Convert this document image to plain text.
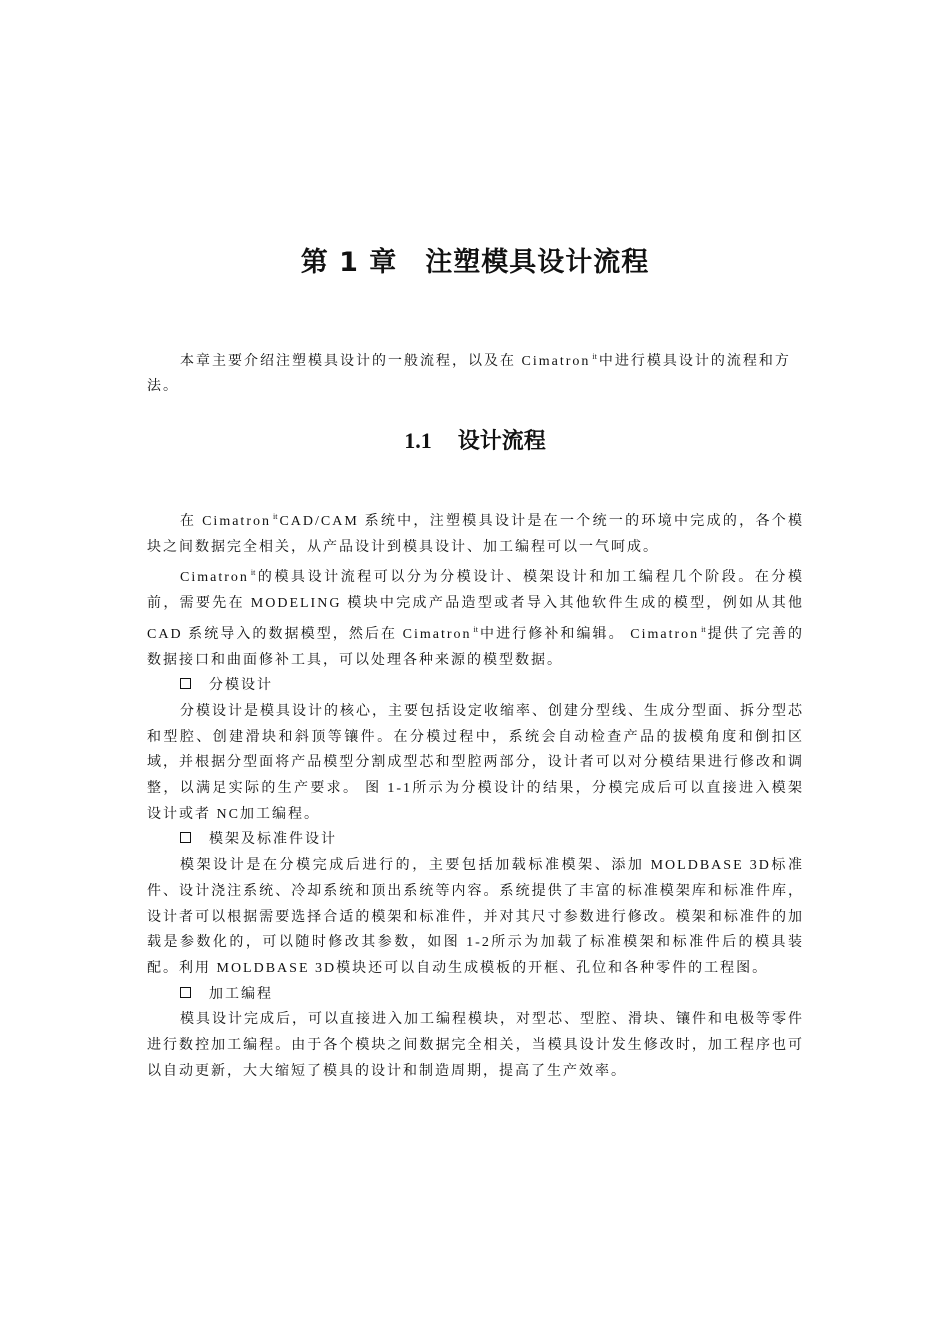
第 1 章 注塑模具设计流程

本章主要介绍注塑模具设计的一般流程，以及在 Cimatron $^{it}$ 中进行模具设计的流程和方法。

1.1 设计流程

在 Cimatron $^{it}$ CAD/CAM 系统中，注塑模具设计是在一个统一的环境中完成的，各个模块之间数据完全相关，从产品设计到模具设计、加工编程可以一气呵成。

Cimatron $^{it}$ 的模具设计流程可以分为分模设计、模架设计和加工编程几个阶段。在分模前，需要先在 MODELING 模块中完成产品造型或者导入其他软件生成的模型，例如从其他 CAD 系统导入的数据模型，然后在 Cimatron $^{it}$ 中进行修补和编辑。 Cimatron $^{it}$ 提供了完善的数据接口和曲面修补工具，可以处理各种来源的模型数据。

分模设计

分模设计是模具设计的核心，主要包括设定收缩率、创建分型线、生成分型面、拆分型芯和型腔、创建滑块和斜顶等镶件。在分模过程中，系统会自动检查产品的拔模角度和倒扣区域，并根据分型面将产品模型分割成型芯和型腔两部分，设计者可以对分模结果进行修改和调整，以满足实际的生产要求。 图 1-1所示为分模设计的结果，分模完成后可以直接进入模架设计或者 NC加工编程。

模架及标准件设计

模架设计是在分模完成后进行的，主要包括加载标准模架、添加 MOLDBASE 3D标准件、设计浇注系统、冷却系统和顶出系统等内容。系统提供了丰富的标准模架库和标准件库，设计者可以根据需要选择合适的模架和标准件，并对其尺寸参数进行修改。模架和标准件的加载是参数化的，可以随时修改其参数，如图 1-2所示为加载了标准模架和标准件后的模具装配。利用 MOLDBASE 3D模块还可以自动生成模板的开框、孔位和各种零件的工程图。

加工编程

模具设计完成后，可以直接进入加工编程模块，对型芯、型腔、滑块、镶件和电极等零件进行数控加工编程。由于各个模块之间数据完全相关，当模具设计发生修改时，加工程序也可以自动更新，大大缩短了模具的设计和制造周期，提高了生产效率。
